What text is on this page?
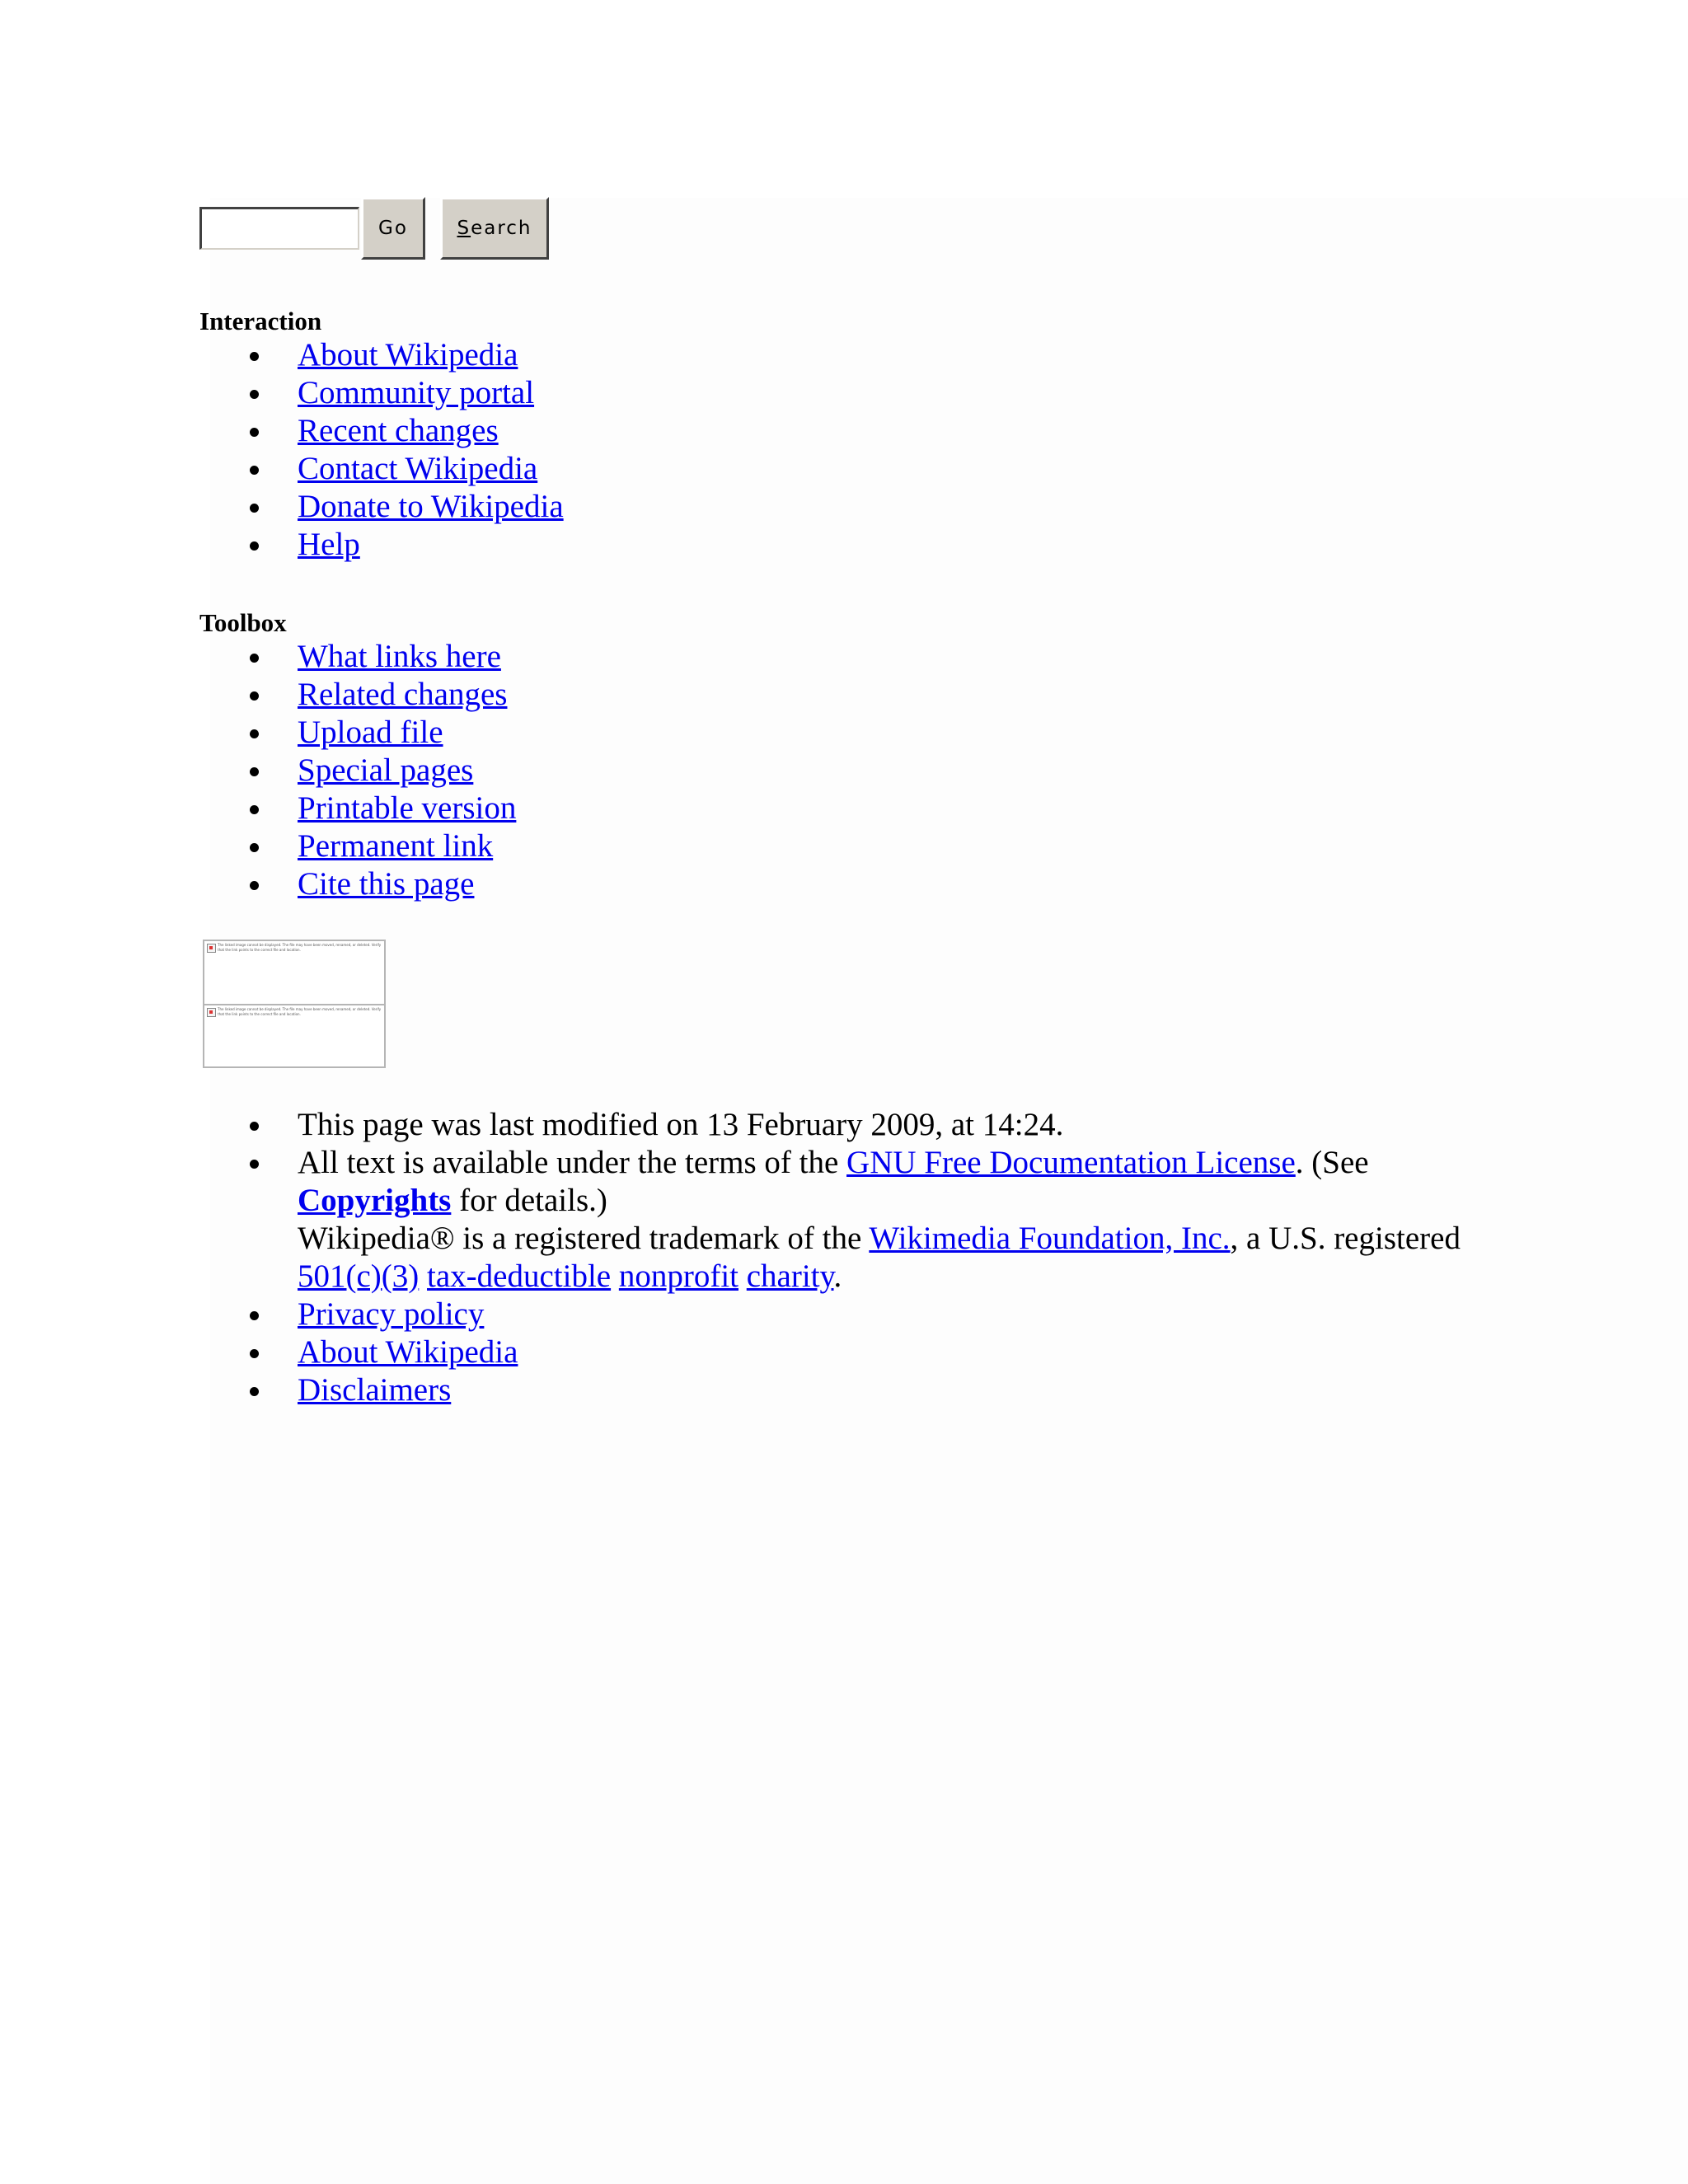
Go	S earch
Interaction
About Wikipedia
Community portal
Recent changes
Contact Wikipedia
Donate to Wikipedia
Help
Toolbox
What links here
Related changes
Upload file
Special pages
Printable version
Permanent link
Cite this page
The linked image cannot be displayed. The file may have been moved, renamed, or deleted. Verify that the link points to the correct file and location.
The linked image cannot be displayed. The file may have been moved, renamed, or deleted. Verify that the link points to the correct file and location.
This page was last modified on 13 February 2009, at 14:24.
All text is available under the terms of the GNU Free Documentation License. (See Copyrights for details.)
Wikipedia® is a registered trademark of the Wikimedia Foundation, Inc., a U.S. registered 501(c)(3) tax-deductible nonprofit charity.
Privacy policy
About Wikipedia
Disclaimers
